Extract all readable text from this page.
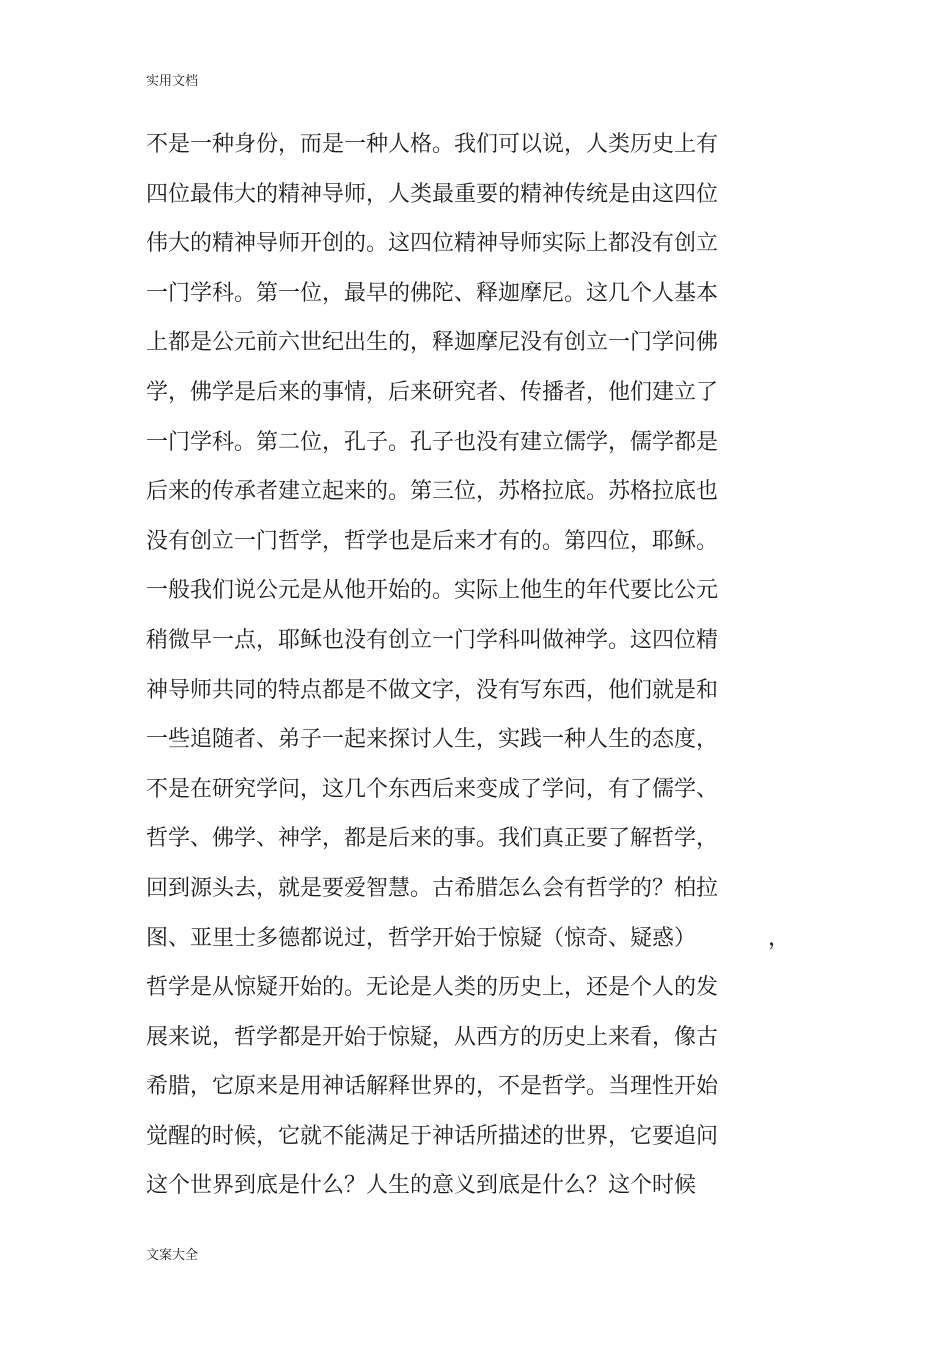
实用文档
不是一种身份，而是一种人格。我们可以说，人类历史上有
四位最伟大的精神导师，人类最重要的精神传统是由这四位
伟大的精神导师开创的。这四位精神导师实际上都没有创立
一门学科。第一位，最早的佛陀、释迦摩尼。这几个人基本
上都是公元前六世纪出生的，释迦摩尼没有创立一门学问佛
学，佛学是后来的事情，后来研究者、传播者，他们建立了
一门学科。第二位，孔子。孔子也没有建立儒学，儒学都是
后来的传承者建立起来的。第三位，苏格拉底。苏格拉底也
没有创立一门哲学，哲学也是后来才有的。第四位，耶稣。
一般我们说公元是从他开始的。实际上他生的年代要比公元
稍微早一点，耶稣也没有创立一门学科叫做神学。这四位精
神导师共同的特点都是不做文字，没有写东西，他们就是和
一些追随者、弟子一起来探讨人生，实践一种人生的态度，
不是在研究学问，这几个东西后来变成了学问，有了儒学、
哲学、佛学、神学，都是后来的事。我们真正要了解哲学，
回到源头去，就是要爱智慧。古希腊怎么会有哲学的？柏拉
图、亚里士多德都说过，哲学开始于惊疑（惊奇、疑惑）	，
哲学是从惊疑开始的。无论是人类的历史上，还是个人的发
展来说，哲学都是开始于惊疑，从西方的历史上来看，像古
希腊，它原来是用神话解释世界的，不是哲学。当理性开始
觉醒的时候，它就不能满足于神话所描述的世界，它要追问
这个世界到底是什么？人生的意义到底是什么？这个时候
文案大全
